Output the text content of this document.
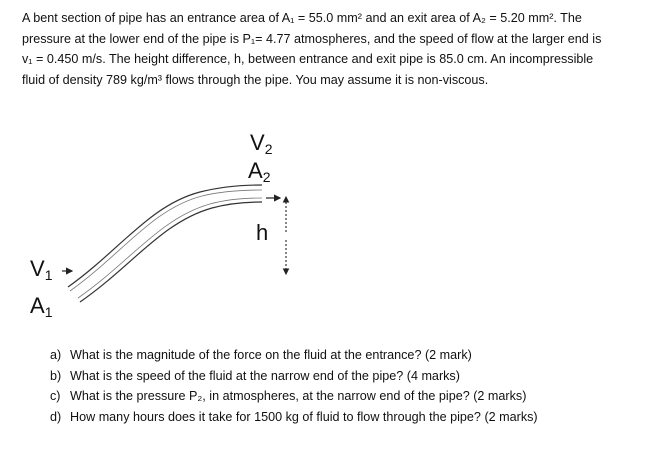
A bent section of pipe has an entrance area of A₁ = 55.0 mm² and an exit area of A₂ = 5.20 mm². The

pressure at the lower end of the pipe is P₁= 4.77 atmospheres, and the speed of flow at the larger end is

v₁ = 0.450 m/s. The height difference, h, between entrance and exit pipe is 85.0 cm. An incompressible

fluid of density 789 kg/m³ flows through the pipe. You may assume it is non-viscous.

$V_2$
$A_2$
h
$V_1$
$A_1$
a) What is the magnitude of the force on the fluid at the entrance? (2 mark)
b) What is the speed of the fluid at the narrow end of the pipe? (4 marks)
c) What is the pressure P₂, in atmospheres, at the narrow end of the pipe? (2 marks)
d) How many hours does it take for 1500 kg of fluid to flow through the pipe? (2 marks)
